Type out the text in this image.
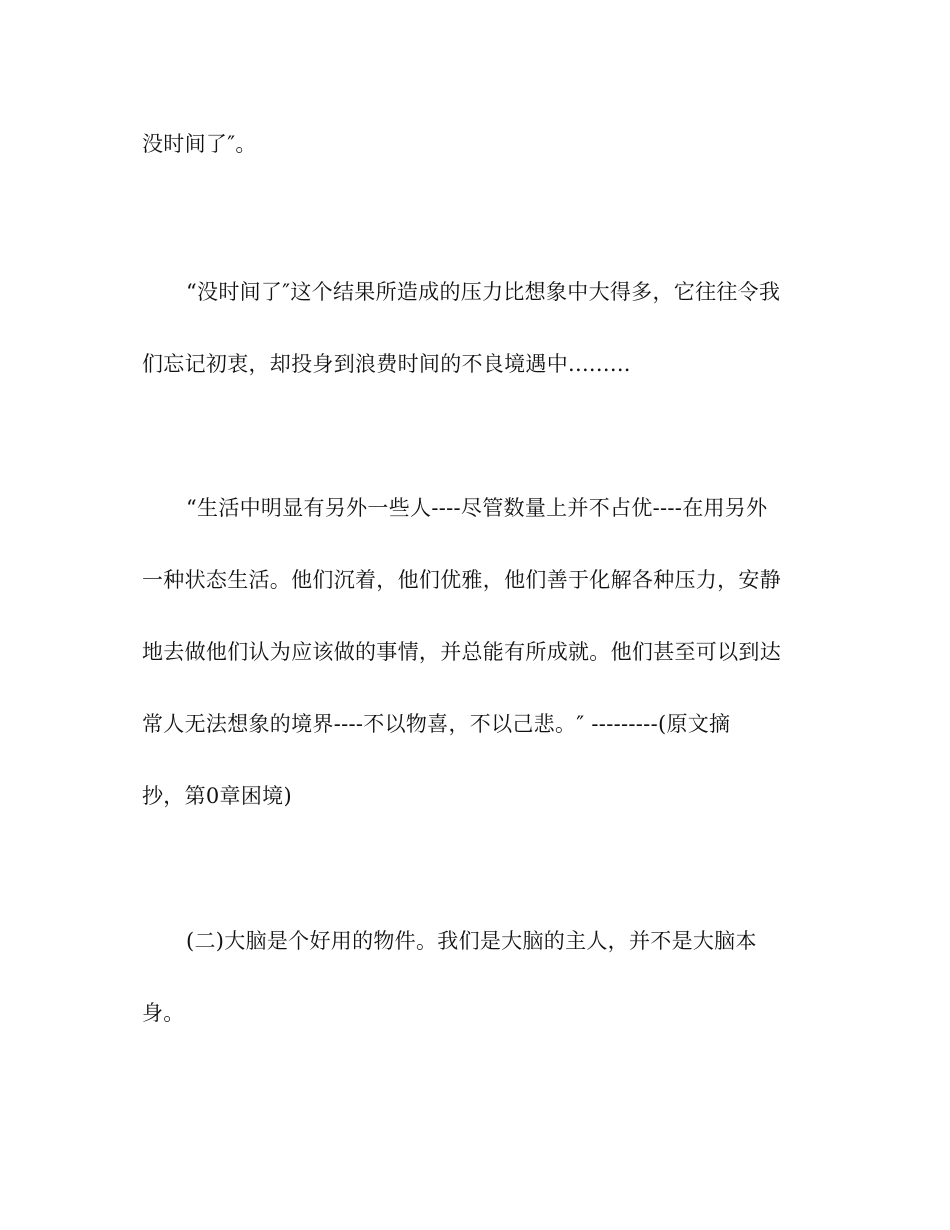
没时间了″。
“没时间了″这个结果所造成的压力比想象中大得多，它往往令我
们忘记初衷，却投身到浪费时间的不良境遇中.........
“生活中明显有另外一些人----尽管数量上并不占优----在用另外
一种状态生活。他们沉着，他们优雅，他们善于化解各种压力，安静
地去做他们认为应该做的事情，并总能有所成就。他们甚至可以到达
常人无法想象的境界----不以物喜，不以己悲。″ ---------(原文摘
抄，第0章困境)
(二)大脑是个好用的物件。我们是大脑的主人，并不是大脑本
身。
